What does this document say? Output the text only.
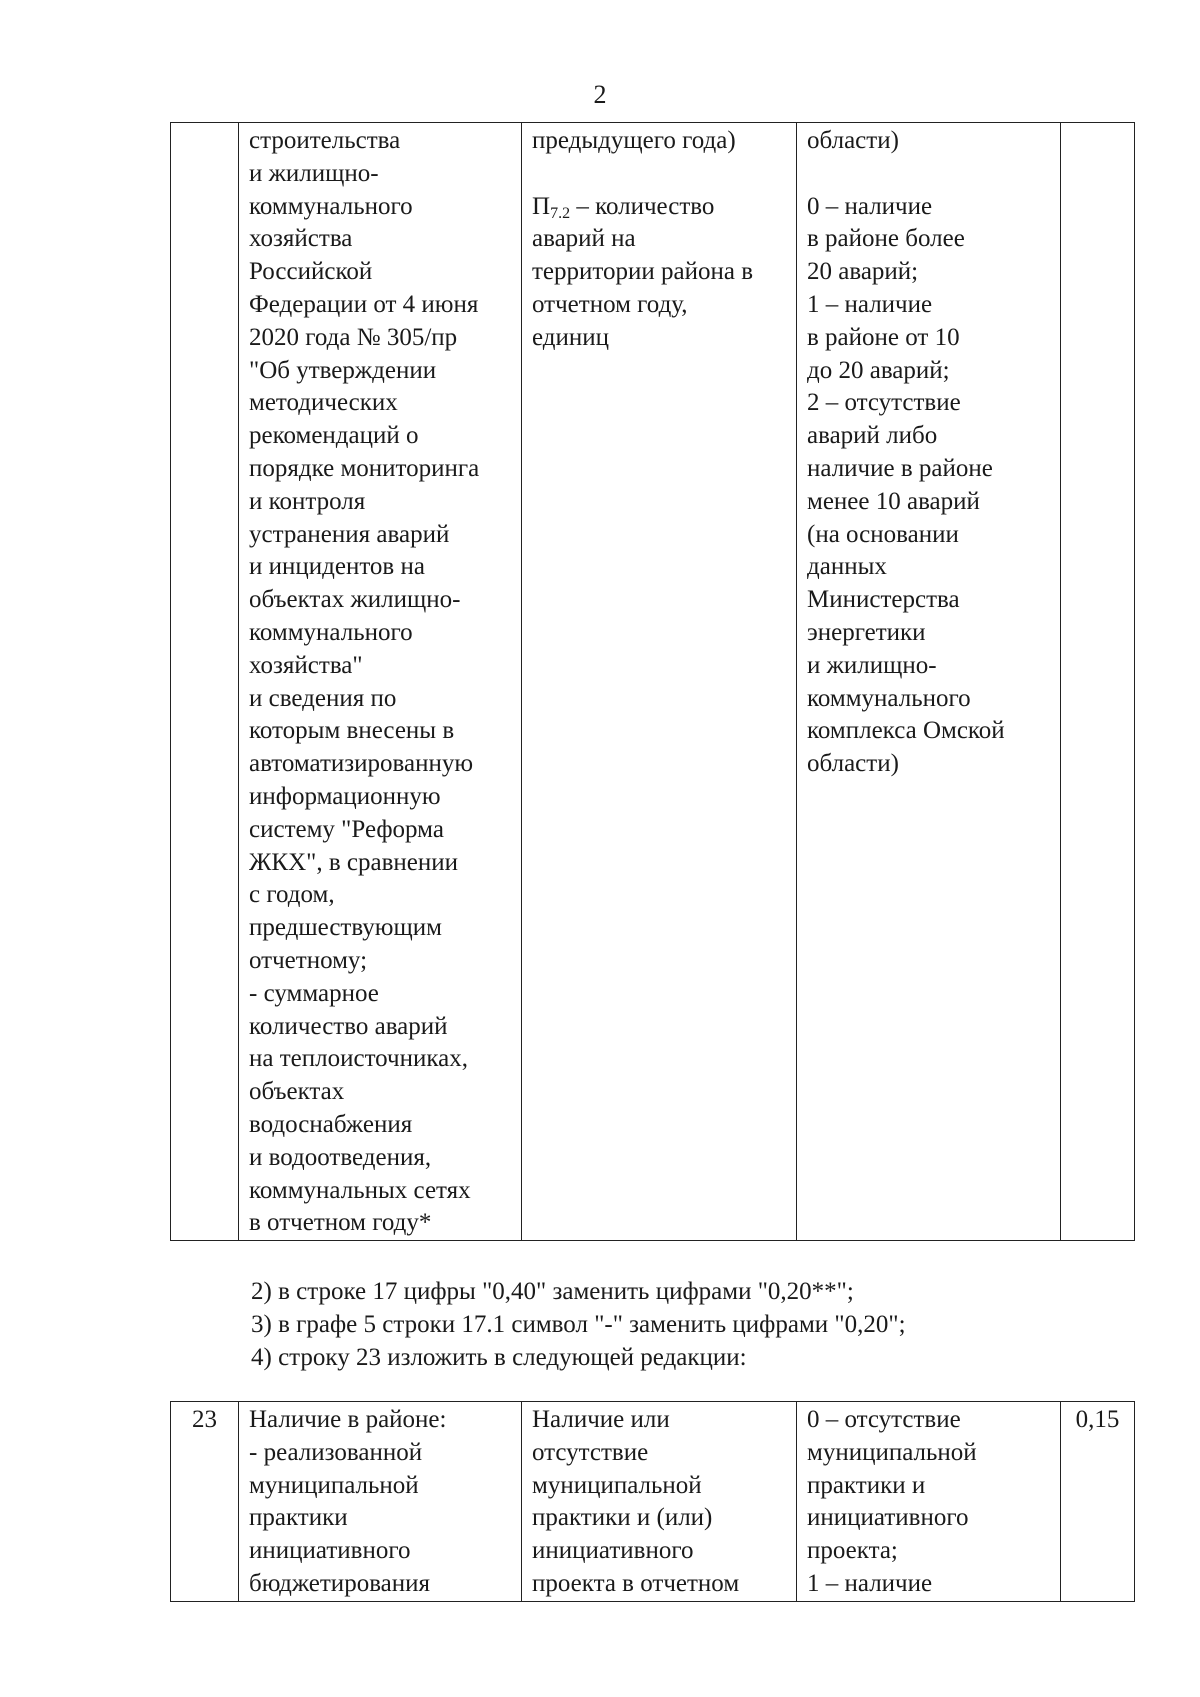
2
	строительства
и жилищно-
коммунального
хозяйства
Российской
Федерации от 4 июня
2020 года № 305/пр
"Об утверждении
методических
рекомендаций о
порядке мониторинга
и контроля
устранения аварий
и инцидентов на
объектах жилищно-
коммунального
хозяйства"
и сведения по
которым внесены в
автоматизированную
информационную
систему "Реформа
ЖКХ", в сравнении
с годом,
предшествующим
отчетному;
- суммарное
количество аварий
на теплоисточниках,
объектах
водоснабжения
и водоотведения,
коммунальных сетях
в отчетном году*	предыдущего года)

П7.2 – количество
аварий на
территории района в
отчетном году,
единиц	области)

0 – наличие
в районе более
20 аварий;
1 – наличие
в районе от 10
до 20 аварий;
2 – отсутствие
аварий либо
наличие в районе
менее 10 аварий
(на основании
данных
Министерства
энергетики
и жилищно-
коммунального
комплекса Омской
области)	
2) в строке 17 цифры "0,40" заменить цифрами "0,20**";
3) в графе 5 строки 17.1 символ "-" заменить цифрами "0,20";
4) строку 23 изложить в следующей редакции:
23	Наличие в районе:
- реализованной
муниципальной
практики
инициативного
бюджетирования	Наличие или
отсутствие
муниципальной
практики и (или)
инициативного
проекта в отчетном	0 – отсутствие
муниципальной
практики и
инициативного
проекта;
1 – наличие	0,15
